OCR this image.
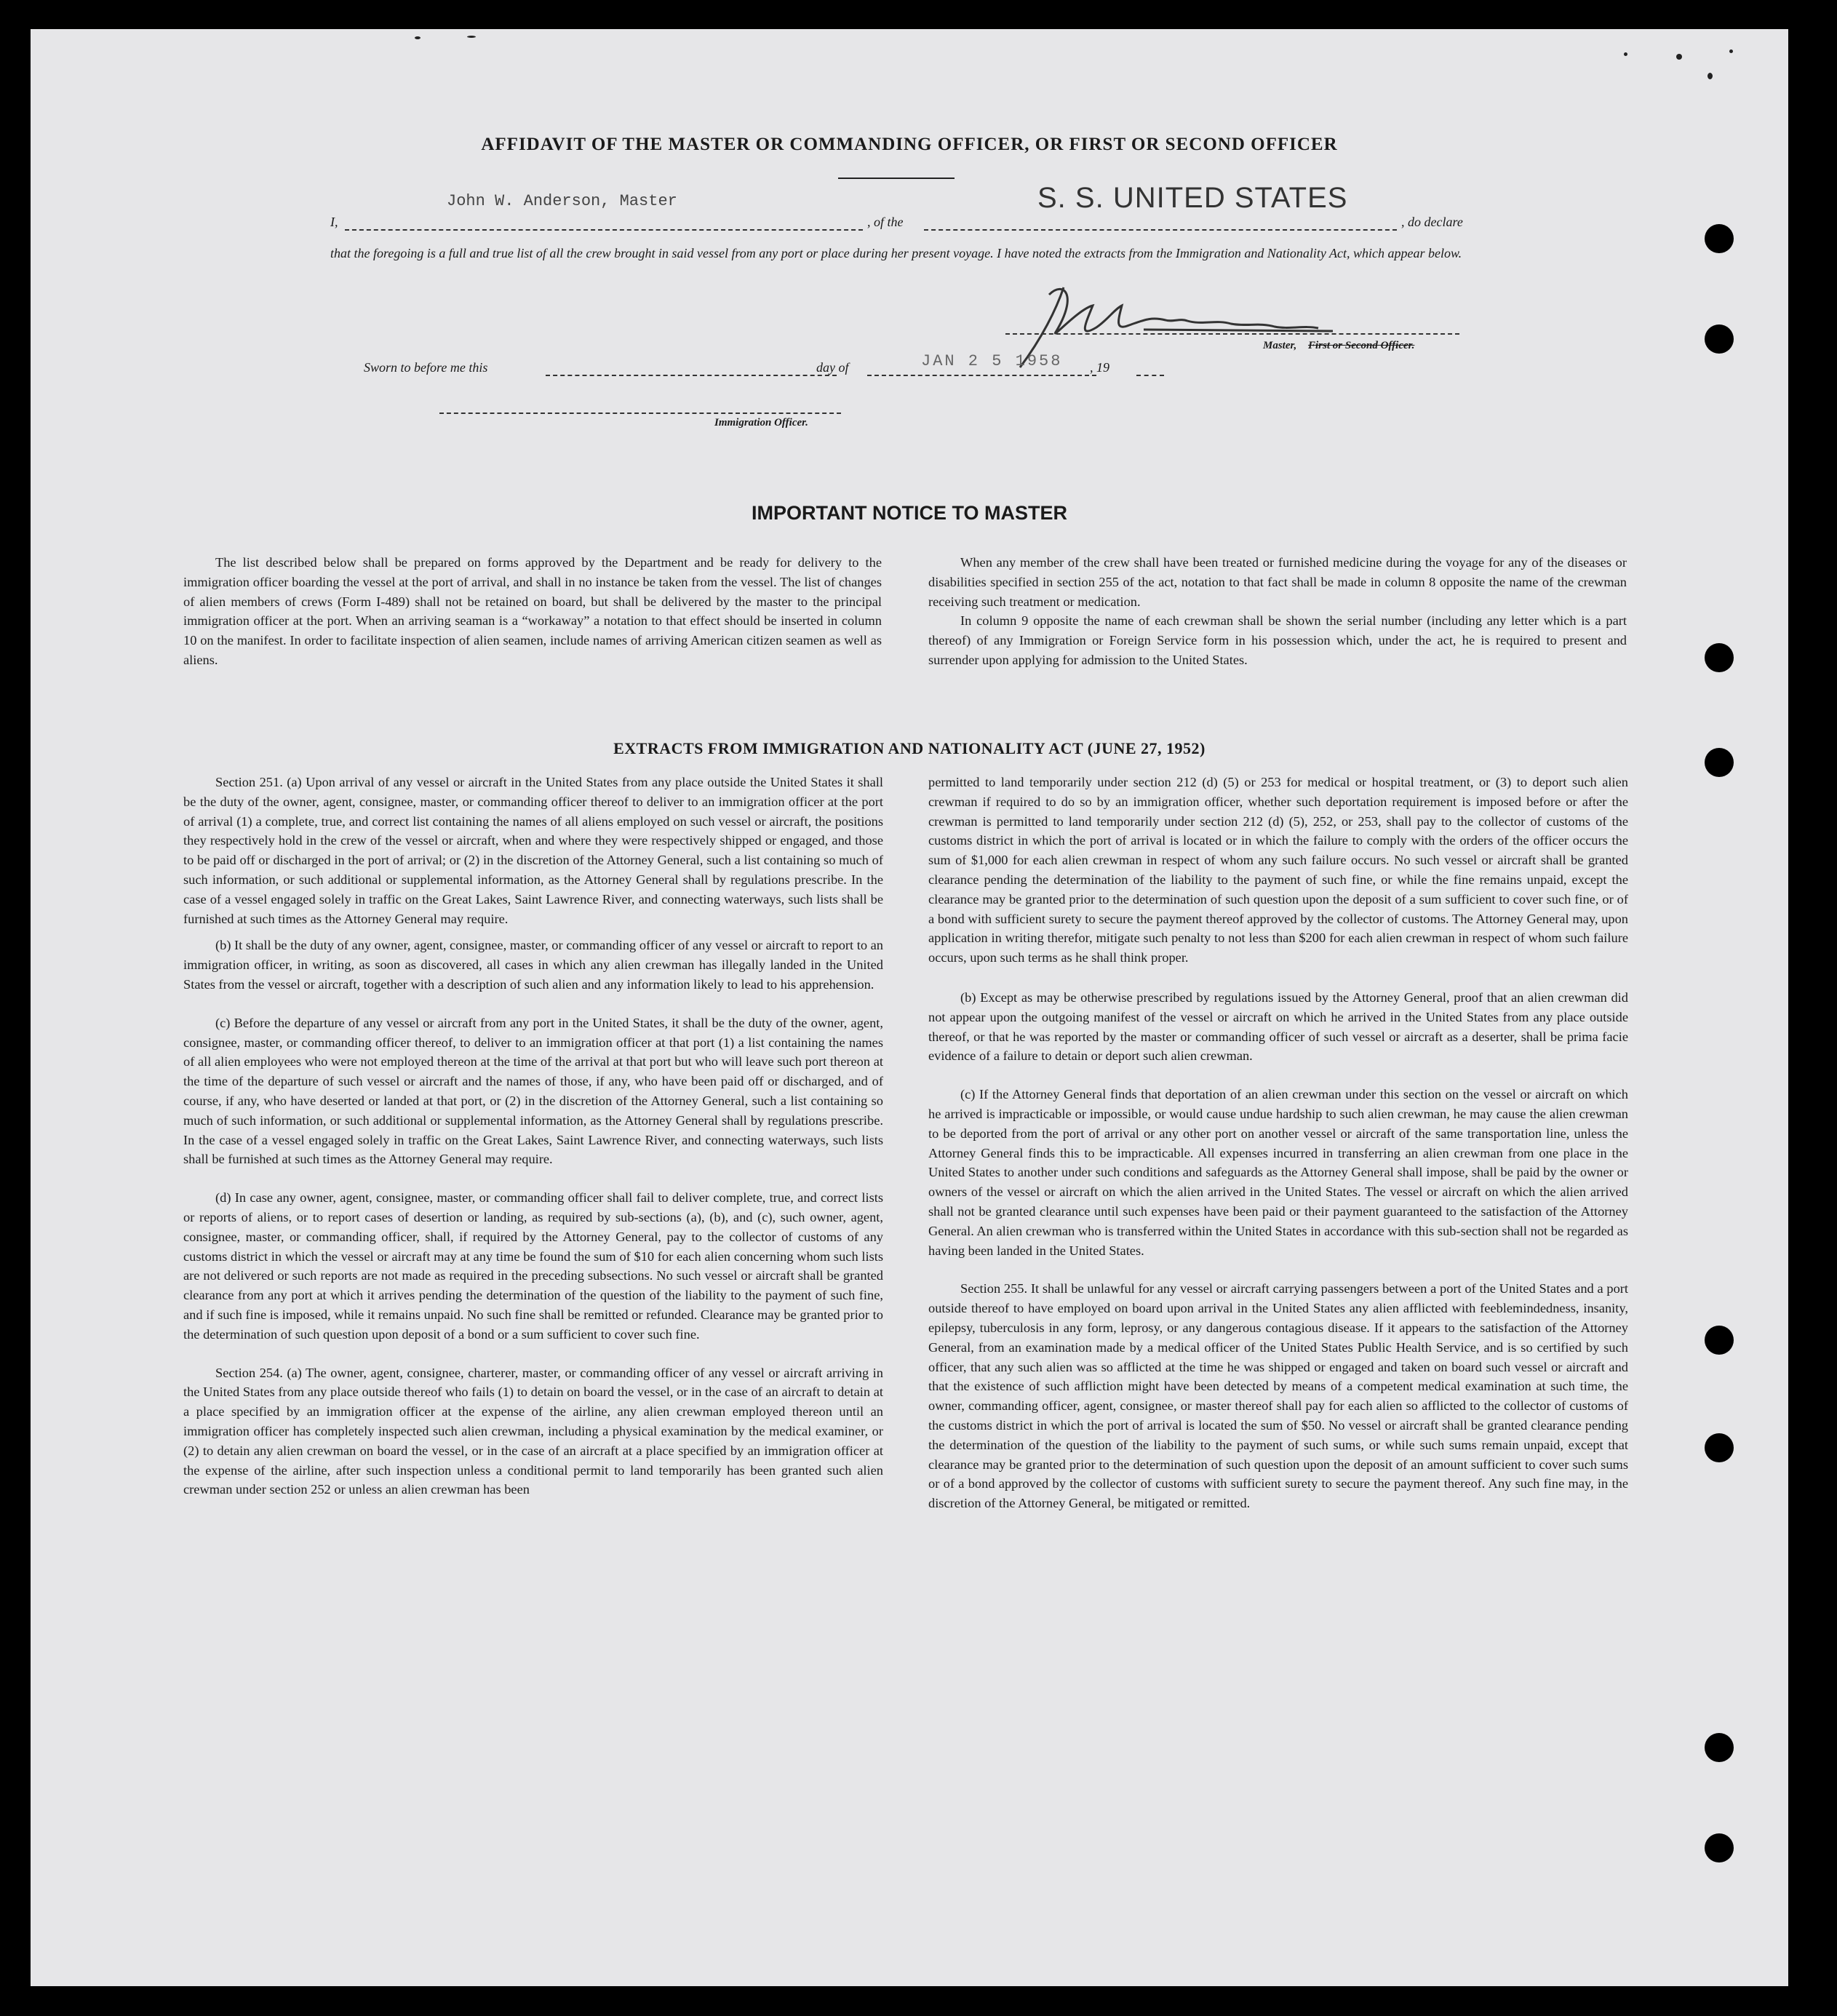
AFFIDAVIT OF THE MASTER OR COMMANDING OFFICER, OR FIRST OR SECOND OFFICER
I,
John W. Anderson, Master
, of the
S. S. UNITED STATES
, do declare
that the foregoing is a full and true list of all the crew brought in said vessel from any port or place during her present voyage. I have noted the extracts from the Immigration and Nationality Act, which appear below.
Master, First or Second Officer.
Sworn to before me this	day of	JAN 2 5 1958 , 19
Immigration Officer.
IMPORTANT NOTICE TO MASTER

The list described below shall be prepared on forms approved by the Department and be ready for delivery to the immigration officer boarding the vessel at the port of arrival, and shall in no instance be taken from the vessel. The list of changes of alien members of crews (Form I-489) shall not be retained on board, but shall be delivered by the master to the principal immigration officer at the port. When an arriving seaman is a “workaway” a notation to that effect should be inserted in column 10 on the manifest. In order to facilitate inspection of alien seamen, include names of arriving American citizen seamen as well as aliens.

When any member of the crew shall have been treated or furnished medicine during the voyage for any of the diseases or disabilities specified in section 255 of the act, notation to that fact shall be made in column 8 opposite the name of the crewman receiving such treatment or medication.

In column 9 opposite the name of each crewman shall be shown the serial number (including any letter which is a part thereof) of any Immigration or Foreign Service form in his possession which, under the act, he is required to present and surrender upon applying for admission to the United States.

EXTRACTS FROM IMMIGRATION AND NATIONALITY ACT (JUNE 27, 1952)

Section 251. (a) Upon arrival of any vessel or aircraft in the United States from any place outside the United States it shall be the duty of the owner, agent, consignee, master, or commanding officer thereof to deliver to an immigration officer at the port of arrival (1) a complete, true, and correct list containing the names of all aliens employed on such vessel or aircraft, the positions they respectively hold in the crew of the vessel or aircraft, when and where they were respectively shipped or engaged, and those to be paid off or discharged in the port of arrival; or (2) in the discretion of the Attorney General, such a list containing so much of such information, or such additional or supplemental information, as the Attorney General shall by regulations prescribe. In the case of a vessel engaged solely in traffic on the Great Lakes, Saint Lawrence River, and connecting waterways, such lists shall be furnished at such times as the Attorney General may require.

(b) It shall be the duty of any owner, agent, consignee, master, or commanding officer of any vessel or aircraft to report to an immigration officer, in writing, as soon as discovered, all cases in which any alien crewman has illegally landed in the United States from the vessel or aircraft, together with a description of such alien and any information likely to lead to his apprehension.

(c) Before the departure of any vessel or aircraft from any port in the United States, it shall be the duty of the owner, agent, consignee, master, or commanding officer thereof, to deliver to an immigration officer at that port (1) a list containing the names of all alien employees who were not employed thereon at the time of the arrival at that port but who will leave such port thereon at the time of the departure of such vessel or aircraft and the names of those, if any, who have been paid off or discharged, and of course, if any, who have deserted or landed at that port, or (2) in the discretion of the Attorney General, such a list containing so much of such information, or such additional or supplemental information, as the Attorney General shall by regulations prescribe. In the case of a vessel engaged solely in traffic on the Great Lakes, Saint Lawrence River, and connecting waterways, such lists shall be furnished at such times as the Attorney General may require.

(d) In case any owner, agent, consignee, master, or commanding officer shall fail to deliver complete, true, and correct lists or reports of aliens, or to report cases of desertion or landing, as required by sub-sections (a), (b), and (c), such owner, agent, consignee, master, or commanding officer, shall, if required by the Attorney General, pay to the collector of customs of any customs district in which the vessel or aircraft may at any time be found the sum of $10 for each alien concerning whom such lists are not delivered or such reports are not made as required in the preceding subsections. No such vessel or aircraft shall be granted clearance from any port at which it arrives pending the determination of the question of the liability to the payment of such fine, and if such fine is imposed, while it remains unpaid. No such fine shall be remitted or refunded. Clearance may be granted prior to the determination of such question upon deposit of a bond or a sum sufficient to cover such fine.

Section 254. (a) The owner, agent, consignee, charterer, master, or commanding officer of any vessel or aircraft arriving in the United States from any place outside thereof who fails (1) to detain on board the vessel, or in the case of an aircraft to detain at a place specified by an immigration officer at the expense of the airline, any alien crewman employed thereon until an immigration officer has completely inspected such alien crewman, including a physical examination by the medical examiner, or (2) to detain any alien crewman on board the vessel, or in the case of an aircraft at a place specified by an immigration officer at the expense of the airline, after such inspection unless a conditional permit to land temporarily has been granted such alien crewman under section 252 or unless an alien crewman has been

permitted to land temporarily under section 212 (d) (5) or 253 for medical or hospital treatment, or (3) to deport such alien crewman if required to do so by an immigration officer, whether such deportation requirement is imposed before or after the crewman is permitted to land temporarily under section 212 (d) (5), 252, or 253, shall pay to the collector of customs of the customs district in which the port of arrival is located or in which the failure to comply with the orders of the officer occurs the sum of $1,000 for each alien crewman in respect of whom any such failure occurs. No such vessel or aircraft shall be granted clearance pending the determination of the liability to the payment of such fine, or while the fine remains unpaid, except the clearance may be granted prior to the determination of such question upon the deposit of a sum sufficient to cover such fine, or of a bond with sufficient surety to secure the payment thereof approved by the collector of customs. The Attorney General may, upon application in writing therefor, mitigate such penalty to not less than $200 for each alien crewman in respect of whom such failure occurs, upon such terms as he shall think proper.

(b) Except as may be otherwise prescribed by regulations issued by the Attorney General, proof that an alien crewman did not appear upon the outgoing manifest of the vessel or aircraft on which he arrived in the United States from any place outside thereof, or that he was reported by the master or commanding officer of such vessel or aircraft as a deserter, shall be prima facie evidence of a failure to detain or deport such alien crewman.

(c) If the Attorney General finds that deportation of an alien crewman under this section on the vessel or aircraft on which he arrived is impracticable or impossible, or would cause undue hardship to such alien crewman, he may cause the alien crewman to be deported from the port of arrival or any other port on another vessel or aircraft of the same transportation line, unless the Attorney General finds this to be impracticable. All expenses incurred in transferring an alien crewman from one place in the United States to another under such conditions and safeguards as the Attorney General shall impose, shall be paid by the owner or owners of the vessel or aircraft on which the alien arrived in the United States. The vessel or aircraft on which the alien arrived shall not be granted clearance until such expenses have been paid or their payment guaranteed to the satisfaction of the Attorney General. An alien crewman who is transferred within the United States in accordance with this sub-section shall not be regarded as having been landed in the United States.

Section 255. It shall be unlawful for any vessel or aircraft carrying passengers between a port of the United States and a port outside thereof to have employed on board upon arrival in the United States any alien afflicted with feeblemindedness, insanity, epilepsy, tuberculosis in any form, leprosy, or any dangerous contagious disease. If it appears to the satisfaction of the Attorney General, from an examination made by a medical officer of the United States Public Health Service, and is so certified by such officer, that any such alien was so afflicted at the time he was shipped or engaged and taken on board such vessel or aircraft and that the existence of such affliction might have been detected by means of a competent medical examination at such time, the owner, commanding officer, agent, consignee, or master thereof shall pay for each alien so afflicted to the collector of customs of the customs district in which the port of arrival is located the sum of $50. No vessel or aircraft shall be granted clearance pending the determination of the question of the liability to the payment of such sums, or while such sums remain unpaid, except that clearance may be granted prior to the determination of such question upon the deposit of an amount sufficient to cover such sums or of a bond approved by the collector of customs with sufficient surety to secure the payment thereof. Any such fine may, in the discretion of the Attorney General, be mitigated or remitted.
